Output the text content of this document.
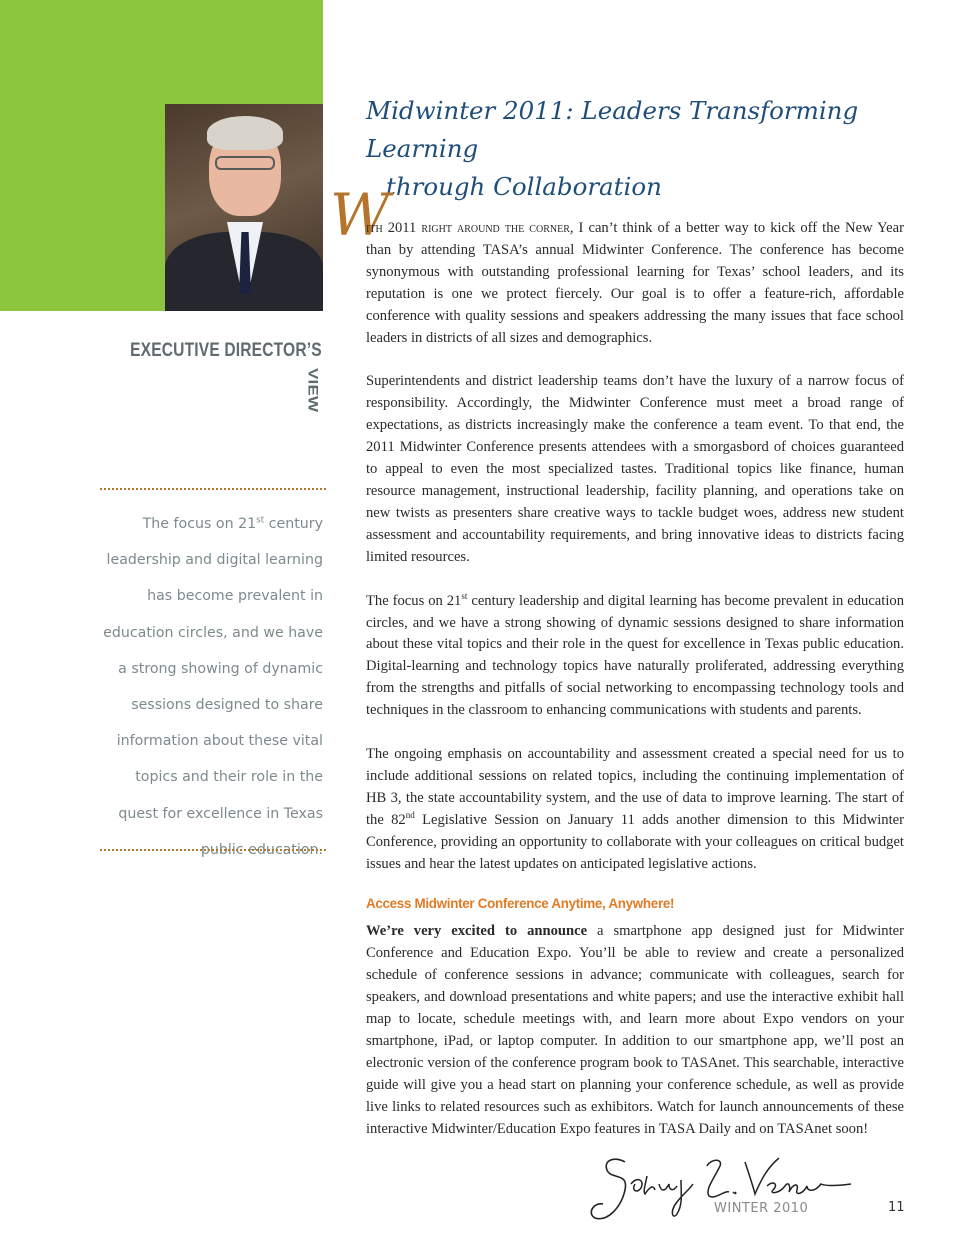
EXECUTIVE DIRECTOR’S
VIEW

The focus on 21st century leadership and digital learning has become prevalent in education circles, and we have a strong showing of dynamic sessions designed to share information about these vital topics and their role in the quest for excellence in Texas public education.

Midwinter 2011: Leaders Transforming Learning
through Collaboration

W

ith 2011 right around the corner, I can’t think of a better way to kick off the New Year than by attending TASA’s annual Midwinter Conference. The conference has become synonymous with outstanding professional learning for Texas’ school leaders, and its reputation is one we protect fiercely. Our goal is to offer a feature-rich, affordable conference with quality sessions and speakers addressing the many issues that face school leaders in districts of all sizes and demographics.

Superintendents and district leadership teams don’t have the luxury of a narrow focus of responsibility. Accordingly, the Midwinter Conference must meet a broad range of expectations, as districts increasingly make the conference a team event. To that end, the 2011 Midwinter Conference presents attendees with a smorgasbord of choices guaranteed to appeal to even the most specialized tastes. Traditional topics like finance, human resource management, instructional leadership, facility planning, and operations take on new twists as presenters share creative ways to tackle budget woes, address new student assessment and accountability requirements, and bring innovative ideas to districts facing limited resources.

The focus on 21st century leadership and digital learning has become prevalent in education circles, and we have a strong showing of dynamic sessions designed to share information about these vital topics and their role in the quest for excellence in Texas public education. Digital-learning and technology topics have naturally proliferated, addressing everything from the strengths and pitfalls of social networking to encompassing technology tools and techniques in the classroom to enhancing communications with students and parents.

The ongoing emphasis on accountability and assessment created a special need for us to include additional sessions on related topics, including the continuing implementation of HB 3, the state accountability system, and the use of data to improve learning. The start of the 82nd Legislative Session on January 11 adds another dimension to this Midwinter Conference, providing an opportunity to collaborate with your colleagues on critical budget issues and hear the latest updates on anticipated legislative actions.

Access Midwinter Conference Anytime, Anywhere!

We’re very excited to announce a smartphone app designed just for Midwinter Conference and Education Expo. You’ll be able to review and create a personalized schedule of conference sessions in advance; communicate with colleagues, search for speakers, and download presentations and white papers; and use the interactive exhibit hall map to locate, schedule meetings with, and learn more about Expo vendors on your smartphone, iPad, or laptop computer. In addition to our smartphone app, we’ll post an electronic version of the conference program book to TASAnet. This searchable, interactive guide will give you a head start on planning your conference schedule, as well as provide live links to related resources such as exhibitors. Watch for launch announcements of these interactive Midwinter/Education Expo features in TASA Daily and on TASAnet soon!

WINTER 2010	11
